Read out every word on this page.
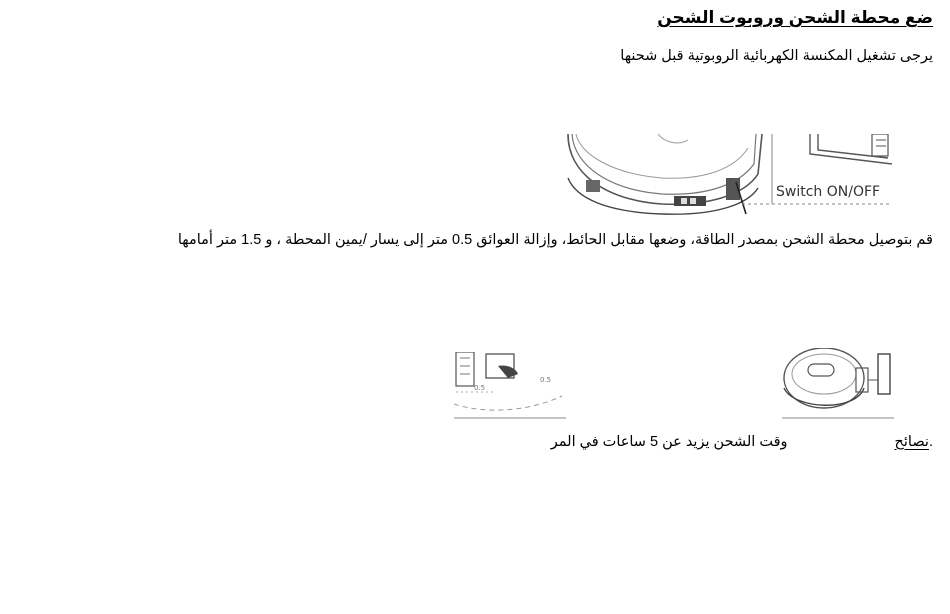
ضع محطة الشحن وروبوت الشحن
يرجى تشغيل المكنسة الكهربائية الروبوتية قبل شحنها
Switch ON/OFF
قم بتوصيل محطة الشحن بمصدر الطاقة، وضعها مقابل الحائط، وإزالة العوائق 0.5 متر إلى يسار /يمين المحطة ، و 1.5 متر أمامها
0.5
0.5
.نصائحوقت الشحن يزيد عن 5 ساعات في المر
